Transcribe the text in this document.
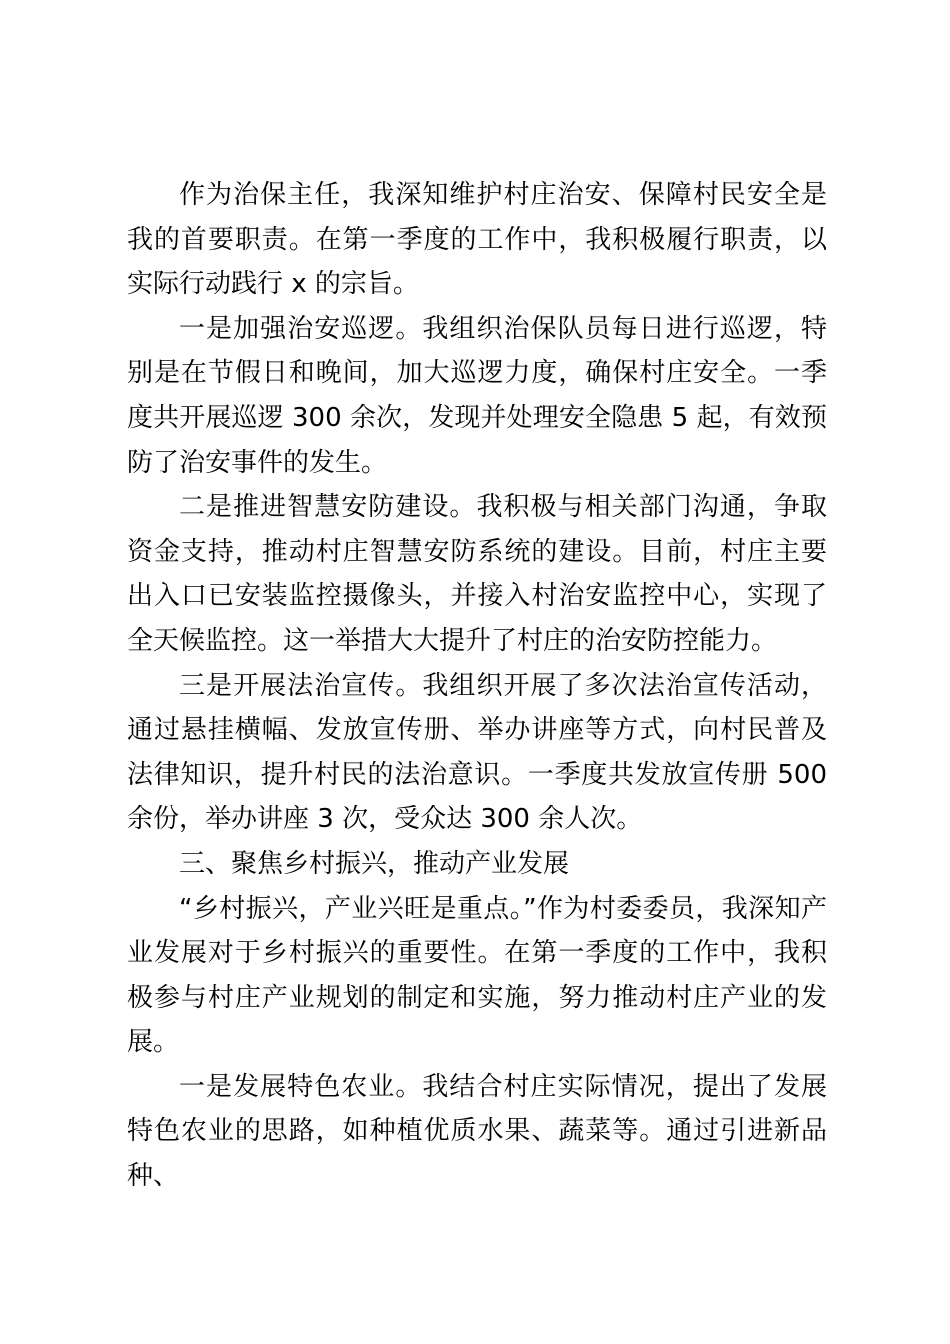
作为治保主任，我深知维护村庄治安、保障村民安全是我的首要职责。在第一季度的工作中，我积极履行职责，以实际行动践行 x 的宗旨。

一是加强治安巡逻。我组织治保队员每日进行巡逻，特别是在节假日和晚间，加大巡逻力度，确保村庄安全。一季度共开展巡逻 300 余次，发现并处理安全隐患 5 起，有效预防了治安事件的发生。

二是推进智慧安防建设。我积极与相关部门沟通，争取资金支持，推动村庄智慧安防系统的建设。目前，村庄主要出入口已安装监控摄像头，并接入村治安监控中心，实现了全天候监控。这一举措大大提升了村庄的治安防控能力。

三是开展法治宣传。我组织开展了多次法治宣传活动，通过悬挂横幅、发放宣传册、举办讲座等方式，向村民普及法律知识，提升村民的法治意识。一季度共发放宣传册 500 余份，举办讲座 3 次，受众达 300 余人次。

三、聚焦乡村振兴，推动产业发展

“乡村振兴，产业兴旺是重点。”作为村委委员，我深知产业发展对于乡村振兴的重要性。在第一季度的工作中，我积极参与村庄产业规划的制定和实施，努力推动村庄产业的发展。

一是发展特色农业。我结合村庄实际情况，提出了发展特色农业的思路，如种植优质水果、蔬菜等。通过引进新品种、
